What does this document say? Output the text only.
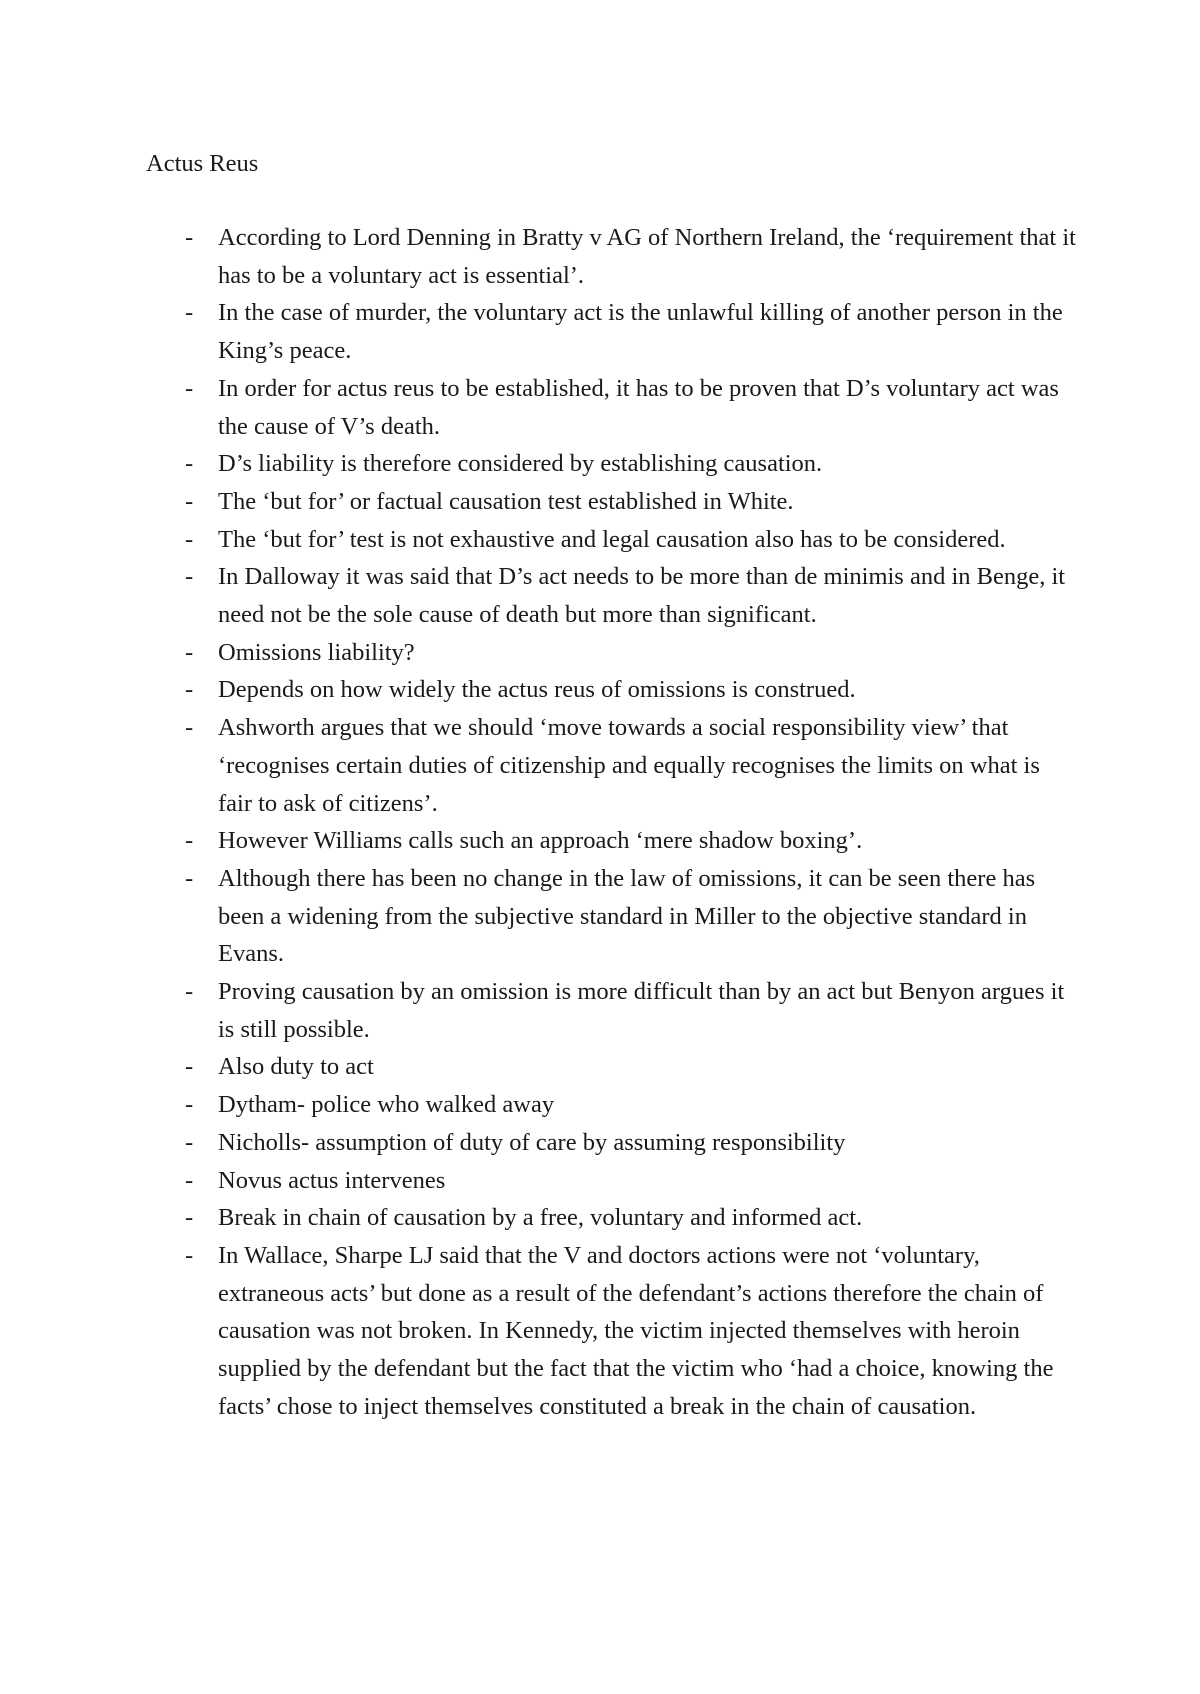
Actus Reus
- According to Lord Denning in Bratty v AG of Northern Ireland, the ‘requirement that it has to be a voluntary act is essential’.
- In the case of murder, the voluntary act is the unlawful killing of another person in the King’s peace.
- In order for actus reus to be established, it has to be proven that D’s voluntary act was the cause of V’s death.
- D’s liability is therefore considered by establishing causation.
- The ‘but for’ or factual causation test established in White.
- The ‘but for’ test is not exhaustive and legal causation also has to be considered.
- In Dalloway it was said that D’s act needs to be more than de minimis and in Benge, it need not be the sole cause of death but more than significant.
- Omissions liability?
- Depends on how widely the actus reus of omissions is construed.
- Ashworth argues that we should ‘move towards a social responsibility view’ that ‘recognises certain duties of citizenship and equally recognises the limits on what is fair to ask of citizens’.
- However Williams calls such an approach ‘mere shadow boxing’.
- Although there has been no change in the law of omissions, it can be seen there has been a widening from the subjective standard in Miller to the objective standard in Evans.
- Proving causation by an omission is more difficult than by an act but Benyon argues it is still possible.
- Also duty to act
- Dytham- police who walked away
- Nicholls- assumption of duty of care by assuming responsibility
- Novus actus intervenes
- Break in chain of causation by a free, voluntary and informed act.
- In Wallace, Sharpe LJ said that the V and doctors actions were not ‘voluntary, extraneous acts’ but done as a result of the defendant’s actions therefore the chain of causation was not broken. In Kennedy, the victim injected themselves with heroin supplied by the defendant but the fact that the victim who ‘had a choice, knowing the facts’ chose to inject themselves constituted a break in the chain of causation.
